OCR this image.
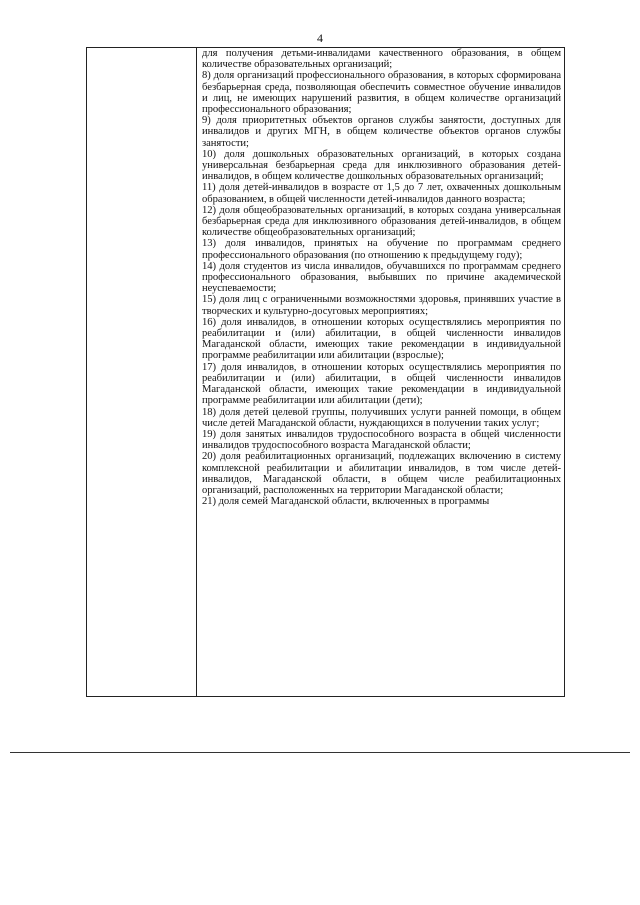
4
для получения детьми-инвалидами качественного образования, в общем количестве образовательных организаций;
8) доля организаций профессионального образования, в которых сформирована безбарьерная среда, позволяющая обеспечить совместное обучение инвалидов и лиц, не имеющих нарушений развития, в общем количестве организаций профессионального образования;
9) доля приоритетных объектов органов службы занятости, доступных для инвалидов и других МГН, в общем количестве объектов органов службы занятости;
10) доля дошкольных образовательных организаций, в которых создана универсальная безбарьерная среда для инклюзивного образования детей-инвалидов, в общем количестве дошкольных образовательных организаций;
11) доля детей-инвалидов в возрасте от 1,5 до 7 лет, охваченных дошкольным образованием, в общей численности детей-инвалидов данного возраста;
12) доля общеобразовательных организаций, в которых создана универсальная безбарьерная среда для инклюзивного образования детей-инвалидов, в общем количестве общеобразовательных организаций;
13) доля инвалидов, принятых на обучение по программам среднего профессионального образования (по отношению к предыдущему году);
14) доля студентов из числа инвалидов, обучавшихся по программам среднего профессионального образования, выбывших по причине академической неуспеваемости;
15) доля лиц с ограниченными возможностями здоровья, принявших участие в творческих и культурно-досуговых мероприятиях;
16) доля инвалидов, в отношении которых осуществлялись мероприятия по реабилитации и (или) абилитации, в общей численности инвалидов Магаданской области, имеющих такие рекомендации в индивидуальной программе реабилитации или абилитации (взрослые);
17) доля инвалидов, в отношении которых осуществлялись мероприятия по реабилитации и (или) абилитации, в общей численности инвалидов Магаданской области, имеющих такие рекомендации в индивидуальной программе реабилитации или абилитации (дети);
18) доля детей целевой группы, получивших услуги ранней помощи, в общем числе детей Магаданской области, нуждающихся в получении таких услуг;
19) доля занятых инвалидов трудоспособного возраста в общей численности инвалидов трудоспособного возраста Магаданской области;
20) доля реабилитационных организаций, подлежащих включению в систему комплексной реабилитации и абилитации инвалидов, в том числе детей-инвалидов, Магаданской области, в общем числе реабилитационных организаций, расположенных на территории Магаданской области;
21) доля семей Магаданской области, включенных в программы
